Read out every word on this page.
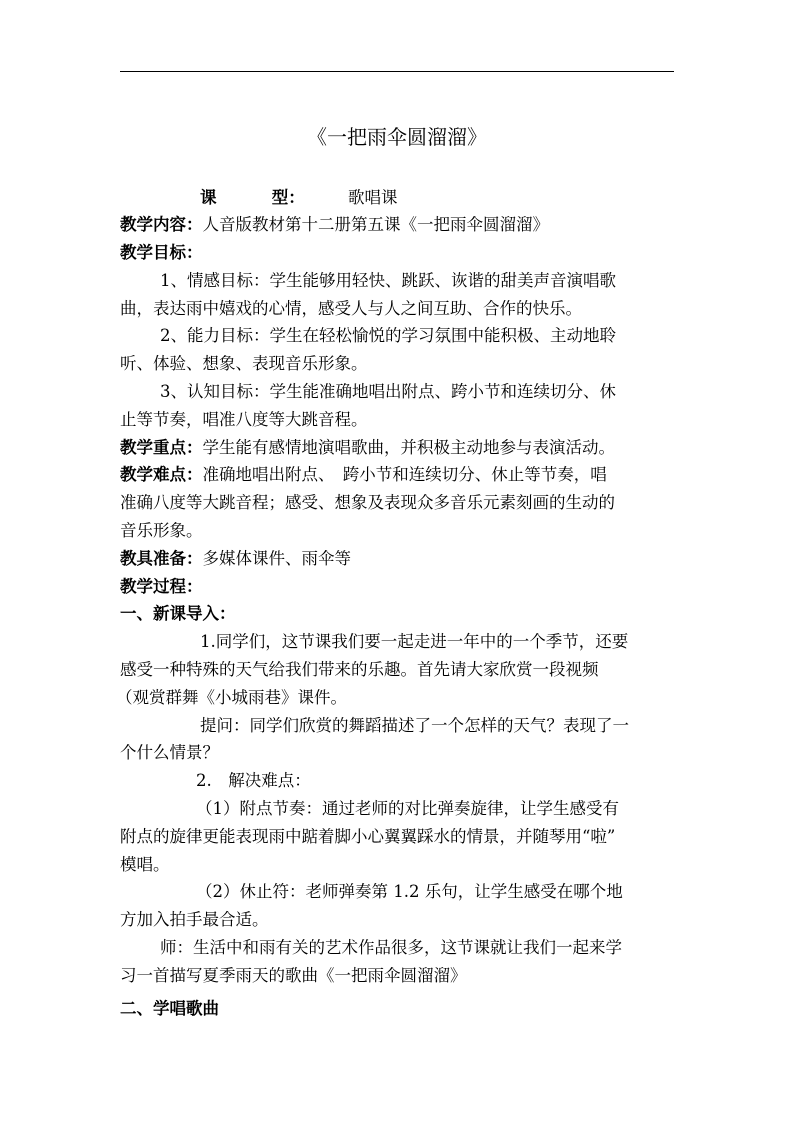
《一把雨伞圆溜溜》
课　　　 型：	歌唱课
教学内容：人音版教材第十二册第五课《一把雨伞圆溜溜》
教学目标：
1、情感目标：学生能够用轻快、跳跃、诙谐的甜美声音演唱歌
曲，表达雨中嬉戏的心情，感受人与人之间互助、合作的快乐。
2、能力目标：学生在轻松愉悦的学习氛围中能积极、主动地聆
听、体验、想象、表现音乐形象。
3、认知目标：学生能准确地唱出附点、跨小节和连续切分、休
止等节奏，唱准八度等大跳音程。
教学重点：学生能有感情地演唱歌曲，并积极主动地参与表演活动。
教学难点：准确地唱出附点、　跨小节和连续切分、休止等节奏，唱
准确八度等大跳音程；感受、想象及表现众多音乐元素刻画的生动的
音乐形象。
教具准备：多媒体课件、雨伞等
教学过程：
一、新课导入：
1.同学们，这节课我们要一起走进一年中的一个季节，还要
感受一种特殊的天气给我们带来的乐趣。首先请大家欣赏一段视频
（观赏群舞《小城雨巷》课件。
提问：同学们欣赏的舞蹈描述了一个怎样的天气？表现了一
个什么情景？
2.　解决难点：
（1）附点节奏：通过老师的对比弹奏旋律，让学生感受有
附点的旋律更能表现雨中踮着脚小心翼翼踩水的情景，并随琴用“啦”
模唱。
（2）休止符：老师弹奏第 1.2 乐句，让学生感受在哪个地
方加入拍手最合适。
师：生活中和雨有关的艺术作品很多，这节课就让我们一起来学
习一首描写夏季雨天的歌曲《一把雨伞圆溜溜》
二、学唱歌曲
